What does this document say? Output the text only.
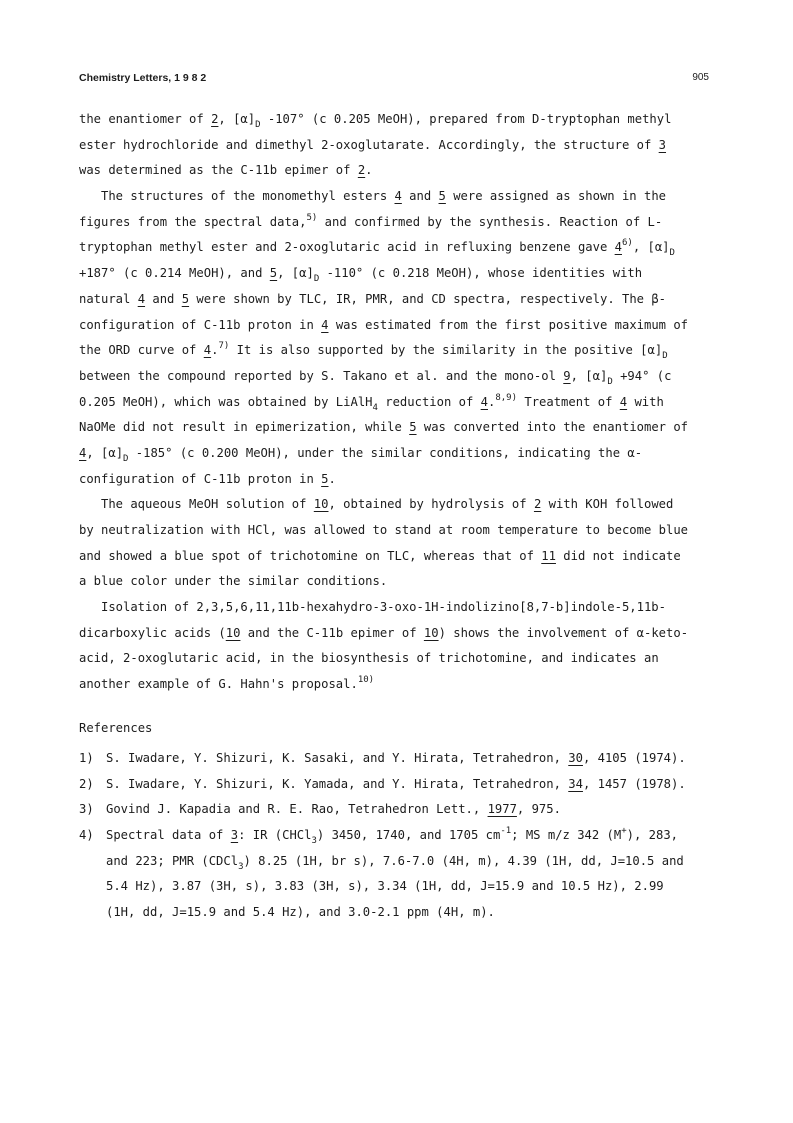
Chemistry Letters, 1 9 8 2	905
the enantiomer of 2, $[\alpha]_D$ -107° (c 0.205 MeOH), prepared from D-tryptophan methyl
ester hydrochloride and dimethyl 2-oxoglutarate. Accordingly, the structure of 3
was determined as the C-11b epimer of 2.
The structures of the monomethyl esters 4 and 5 were assigned as shown in the
figures from the spectral data,$^{5)}$ and confirmed by the synthesis. Reaction of L-
tryptophan methyl ester and 2-oxoglutaric acid in refluxing benzene gave 4$^{6)}$, $[\alpha]_D$
+187° (c 0.214 MeOH), and 5, $[\alpha]_D$ -110° (c 0.218 MeOH), whose identities with
natural 4 and 5 were shown by TLC, IR, PMR, and CD spectra, respectively. The β-
configuration of C-11b proton in 4 was estimated from the first positive maximum of
the ORD curve of 4.$^{7)}$ It is also supported by the similarity in the positive $[\alpha]_D$
between the compound reported by S. Takano et al. and the mono-ol 9, $[\alpha]_D +94^\circ$ (c
0.205 MeOH), which was obtained by LiAlH$_4$ reduction of 4.$^{8,9)}$ Treatment of 4 with
NaOMe did not result in epimerization, while 5 was converted into the enantiomer of
4, $[\alpha]_D$ -185° (c 0.200 MeOH), under the similar conditions, indicating the α-
configuration of C-11b proton in 5.
The aqueous MeOH solution of 10, obtained by hydrolysis of 2 with KOH followed
by neutralization with HCl, was allowed to stand at room temperature to become blue
and showed a blue spot of trichotomine on TLC, whereas that of 11 did not indicate
a blue color under the similar conditions.
Isolation of 2,3,5,6,11,11b-hexahydro-3-oxo-1H-indolizino[8,7-b]indole-5,11b-
dicarboxylic acids (10 and the C-11b epimer of 10) shows the involvement of α-keto-
acid, 2-oxoglutaric acid, in the biosynthesis of trichotomine, and indicates an
another example of G. Hahn's proposal.$^{10)}$
References
1) S. Iwadare, Y. Shizuri, K. Sasaki, and Y. Hirata, Tetrahedron, 30, 4105 (1974).
2) S. Iwadare, Y. Shizuri, K. Yamada, and Y. Hirata, Tetrahedron, 34, 1457 (1978).
3) Govind J. Kapadia and R. E. Rao, Tetrahedron Lett., 1977, 975.
4) Spectral data of 3: IR (CHCl$_3$) 3450, 1740, and 1705 $cm^{-1}$; MS m/z 342 (M+), 283,
and 223; PMR (CDCl$_3$) 8.25 (1H, br s), 7.6-7.0 (4H, m), 4.39 (1H, dd, J=10.5 and
5.4 Hz), 3.87 (3H, s), 3.83 (3H, s), 3.34 (1H, dd, J=15.9 and 10.5 Hz), 2.99
(1H, dd, J=15.9 and 5.4 Hz), and 3.0-2.1 ppm (4H, m).
